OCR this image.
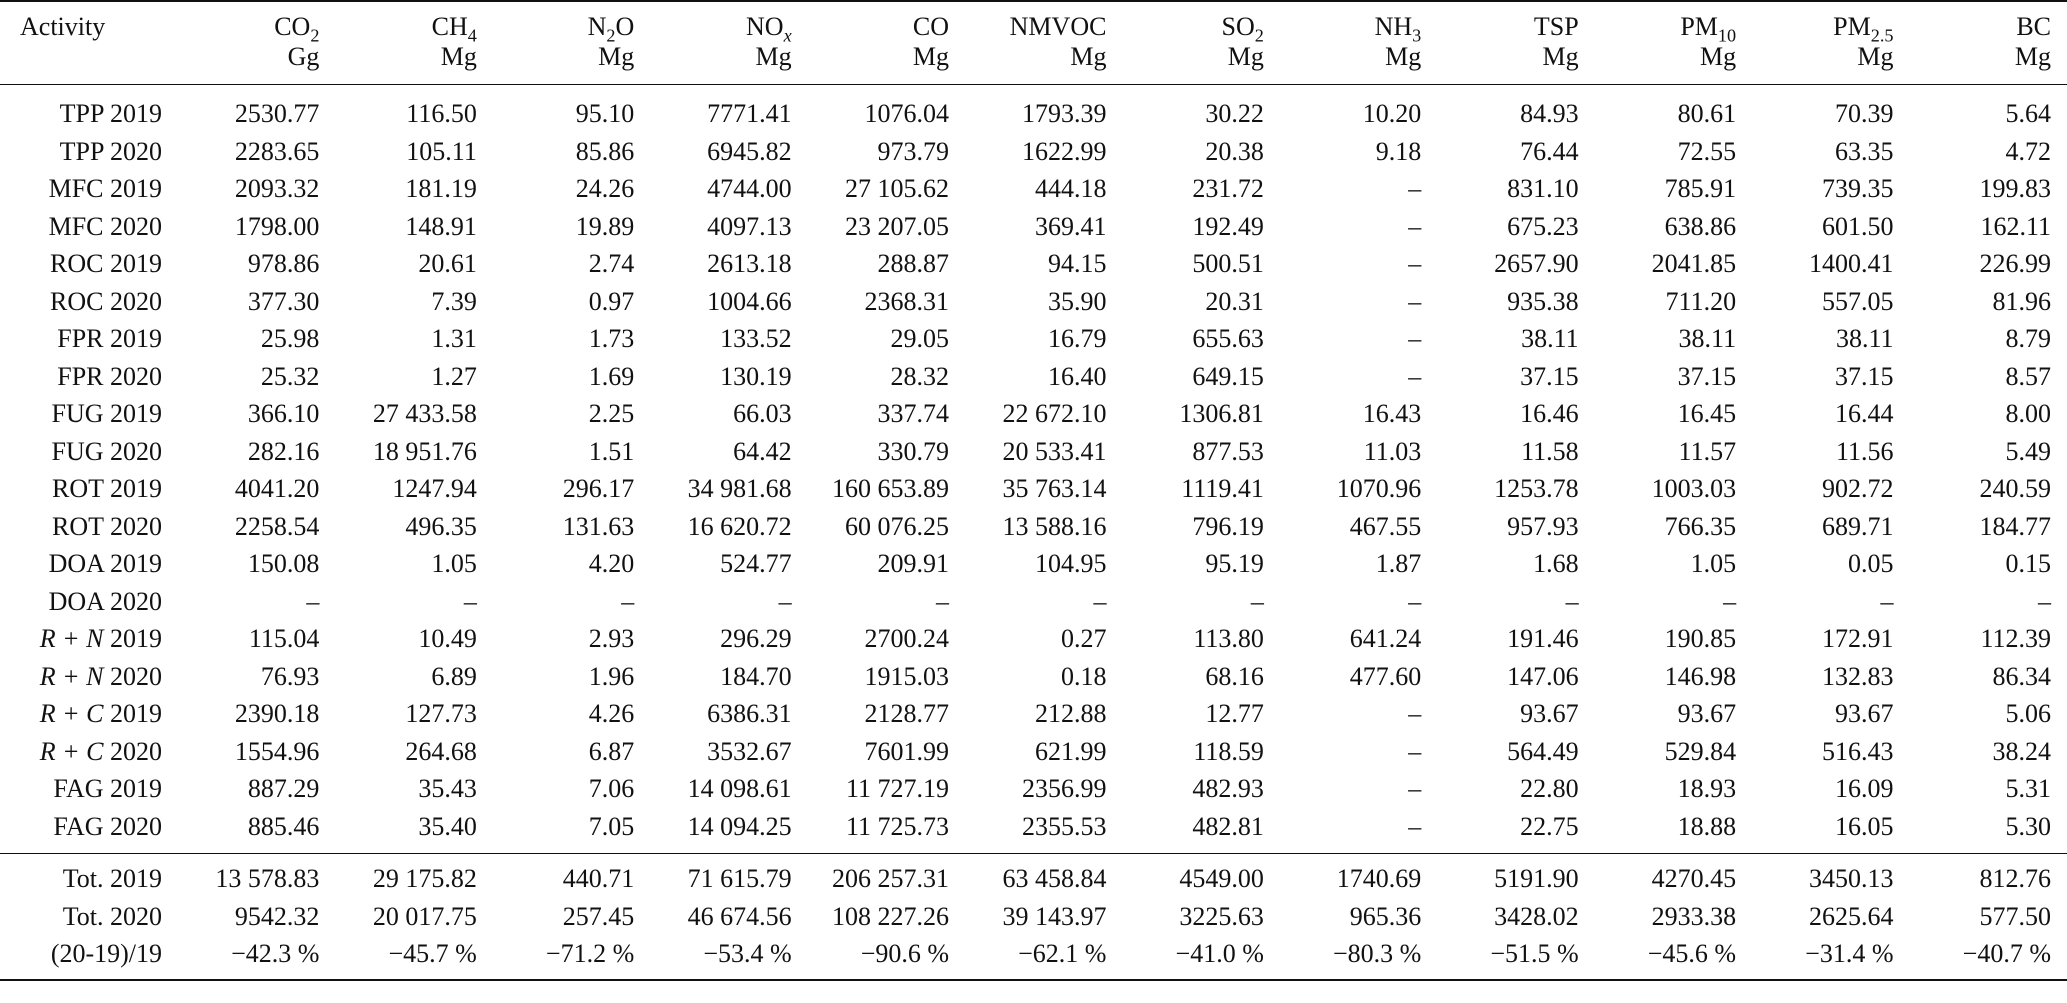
Activity	$CO_2$	$CH_4$	$N_2O$	$NO_x$	CO	NMVOC	$SO_2$	$NH_3$	TSP	$PM_{10}$	$PM_{2.5}$	BC
	Gg	Mg	Mg	Mg	Mg	Mg	Mg	Mg	Mg	Mg	Mg	Mg
TPP 2019	2530.77	116.50	95.10	7771.41	1076.04	1793.39	30.22	10.20	84.93	80.61	70.39	5.64
TPP 2020	2283.65	105.11	85.86	6945.82	973.79	1622.99	20.38	9.18	76.44	72.55	63.35	4.72
MFC 2019	2093.32	181.19	24.26	4744.00	27 105.62	444.18	231.72	–	831.10	785.91	739.35	199.83
MFC 2020	1798.00	148.91	19.89	4097.13	23 207.05	369.41	192.49	–	675.23	638.86	601.50	162.11
ROC 2019	978.86	20.61	2.74	2613.18	288.87	94.15	500.51	–	2657.90	2041.85	1400.41	226.99
ROC 2020	377.30	7.39	0.97	1004.66	2368.31	35.90	20.31	–	935.38	711.20	557.05	81.96
FPR 2019	25.98	1.31	1.73	133.52	29.05	16.79	655.63	–	38.11	38.11	38.11	8.79
FPR 2020	25.32	1.27	1.69	130.19	28.32	16.40	649.15	–	37.15	37.15	37.15	8.57
FUG 2019	366.10	27 433.58	2.25	66.03	337.74	22 672.10	1306.81	16.43	16.46	16.45	16.44	8.00
FUG 2020	282.16	18 951.76	1.51	64.42	330.79	20 533.41	877.53	11.03	11.58	11.57	11.56	5.49
ROT 2019	4041.20	1247.94	296.17	34 981.68	160 653.89	35 763.14	1119.41	1070.96	1253.78	1003.03	902.72	240.59
ROT 2020	2258.54	496.35	131.63	16 620.72	60 076.25	13 588.16	796.19	467.55	957.93	766.35	689.71	184.77
DOA 2019	150.08	1.05	4.20	524.77	209.91	104.95	95.19	1.87	1.68	1.05	0.05	0.15
DOA 2020	–	–	–	–	–	–	–	–	–	–	–	–
R + N 2019	115.04	10.49	2.93	296.29	2700.24	0.27	113.80	641.24	191.46	190.85	172.91	112.39
R + N 2020	76.93	6.89	1.96	184.70	1915.03	0.18	68.16	477.60	147.06	146.98	132.83	86.34
R + C 2019	2390.18	127.73	4.26	6386.31	2128.77	212.88	12.77	–	93.67	93.67	93.67	5.06
R + C 2020	1554.96	264.68	6.87	3532.67	7601.99	621.99	118.59	–	564.49	529.84	516.43	38.24
FAG 2019	887.29	35.43	7.06	14 098.61	11 727.19	2356.99	482.93	–	22.80	18.93	16.09	5.31
FAG 2020	885.46	35.40	7.05	14 094.25	11 725.73	2355.53	482.81	–	22.75	18.88	16.05	5.30
Tot. 2019	13 578.83	29 175.82	440.71	71 615.79	206 257.31	63 458.84	4549.00	1740.69	5191.90	4270.45	3450.13	812.76
Tot. 2020	9542.32	20 017.75	257.45	46 674.56	108 227.26	39 143.97	3225.63	965.36	3428.02	2933.38	2625.64	577.50
(20-19)/19	−42.3 %	−45.7 %	−71.2 %	−53.4 %	−90.6 %	−62.1 %	−41.0 %	−80.3 %	−51.5 %	−45.6 %	−31.4 %	−40.7 %
